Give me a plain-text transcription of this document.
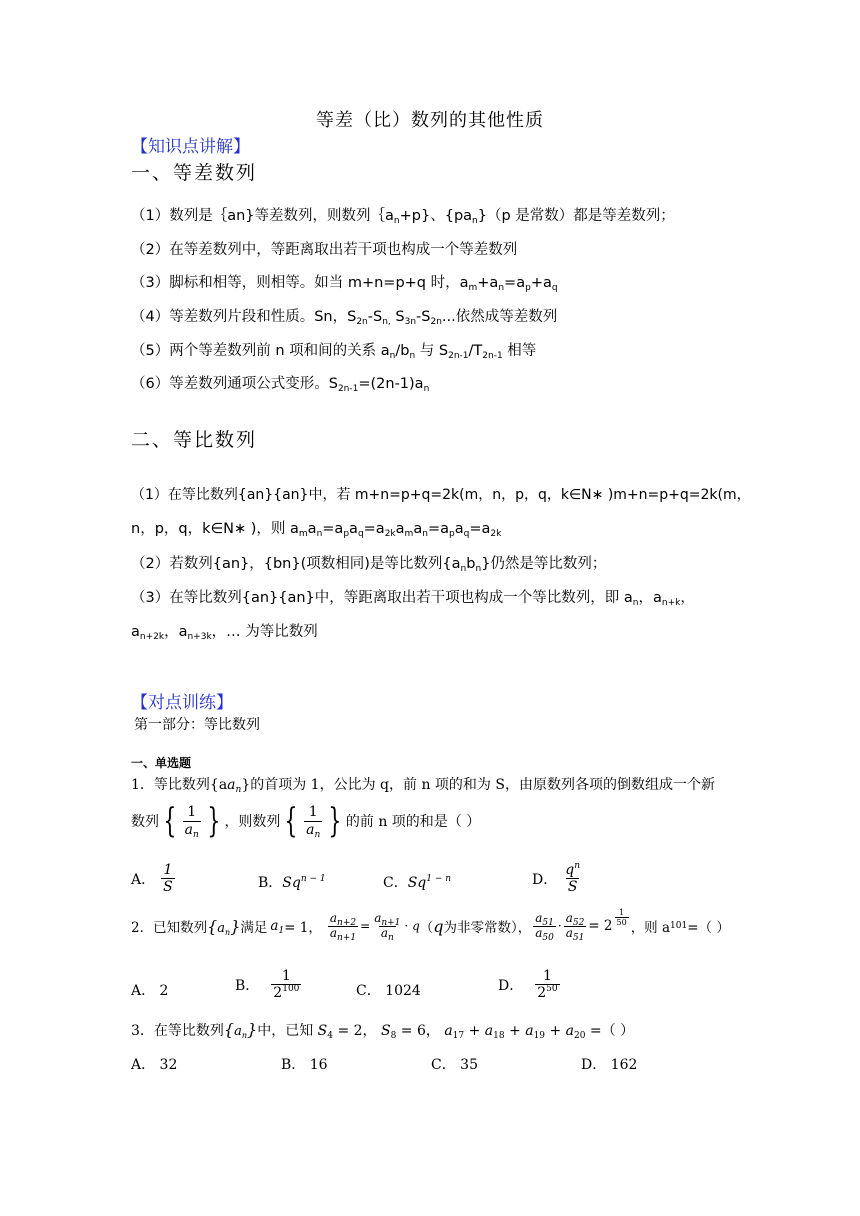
等差（比）数列的其他性质
【知识点讲解】
一、等差数列
（1）数列是｛an}等差数列，则数列$\{a_n+p$}、$\{pa_n\}(p$ 是常数）都是等差数列；
（2）在等差数列中，等距离取出若干项也构成一个等差数列
（3）脚标和相等，则相等。如当 m+n=p+q 时，$a_m+a_n=a_p+a_q$
（4）等差数列片段和性质。Sn，$S_{2n}-S_{n,}$ $S_{3n}-S_{2n}$...依然成等差数列
（5）两个等差数列前 n 项和间的关系 $a_n/b_n$ 与 $S_{2n-1}/T_{2n-1}$ 相等
（6）等差数列通项公式变形。$S_{2n-1}=(2n-1)a_n$
二、等比数列
（1）在等比数列{an}{an}中，若 m+n=p+q=2k(m，n，p，q，k∈N∗ )m+n=p+q=2k(m，
n，p，q，k∈N∗ )，则 $a_ma_n=a_pa_q=a_{2k}a_ma_n=a_pa_q=a_{2k}$
（2）若数列{an}，{bn}(项数相同)是等比数列$\{a_nb_n\}$仍然是等比数列；
（3）在等比数列{an}{an}中，等距离取出若干项也构成一个等比数列，即 $a_n$，$a_{n+k}$，
$a_{n+2k}$，$a_{n+3k}$，… 为等比数列
【对点训练】
第一部分：等比数列
一、单选题
1．等比数列$\{aa_n\}$的首项为 1，公比为 q，前 n 项的和为 S，由原数列各项的倒数组成一个新
数列 { $\frac{1}{a_n}$ } ，则数列 { $\frac{1}{a_n}$ } 的前 n 项的和是（ ）
A． $\frac{1}{S}$	B．$Sq^{n - 1}$	C．$Sq^{1 - n}$	D． $\frac{q^n}{S}$
2．已知数列 $\{a_n\}$ 满足 $a_1 = 1$， $\frac{a_{n+2}}{a_{n+1}} = \frac{a_{n+1}}{a_n} \cdot q$ （ q 为非零常数）， $\frac{a_{51}}{a_{50}} \cdot \frac{a_{52}}{a_{51}} = 2 \frac{1}{50}$
，则 a 101 =（ ）
A． 2	B． $\frac{1}{2^{100}}$	C． 1024	D． $\frac{1}{2^{50}}$
3．在等比数列$\{a_n\}$中，已知 $S_4 = 2$， $S_8 = 6$， $a_{17} + a_{18} + a_{19} + a_{20}$ =（ ）
A． 32	B． 16	C． 35	D． 162
